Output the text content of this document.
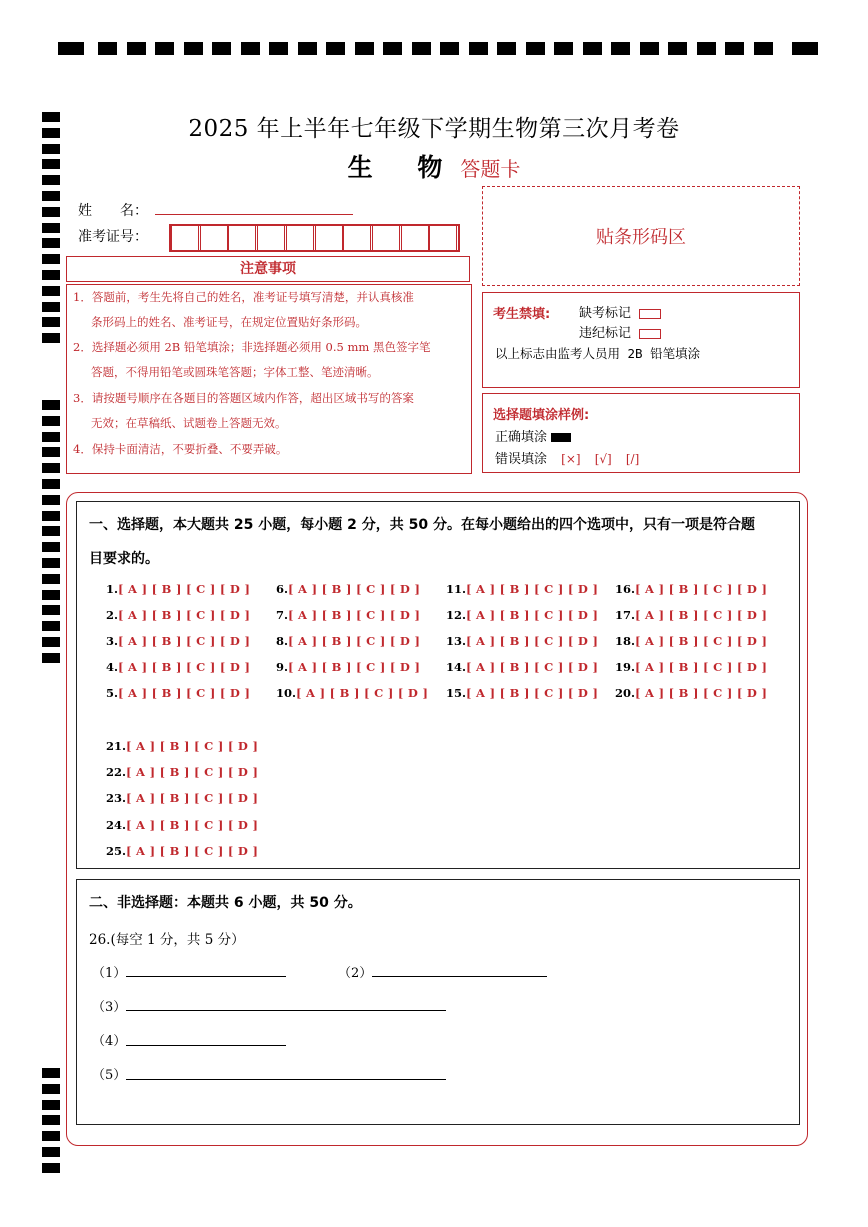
2025 年上半年七年级下学期生物第三次月考卷
生 物答题卡
姓　　名：
准考证号：	贴条形码区
注意事项
1．答题前，考生先将自己的姓名，准考证号填写清楚，并认真核准
条形码上的姓名、准考证号，在规定位置贴好条形码。
2．选择题必须用 2B 铅笔填涂；非选择题必须用 0.5 mm 黑色签字笔
答题，不得用铅笔或圆珠笔答题；字体工整、笔迹清晰。
3．请按题号顺序在各题目的答题区域内作答，超出区域书写的答案
无效；在草稿纸、试题卷上答题无效。
4．保持卡面清洁，不要折叠、不要弄破。
考生禁填: 缺考标记
违纪标记
以上标志由监考人员用 2B 铅笔填涂
选择题填涂样例:
正确填涂
错误填涂 [×] [√] [/]
一、选择题，本大题共 25 小题，每小题 2 分，共 50 分。在每小题给出的四个选项中，只有一项是符合题
目要求的。
1.[ A ] [ B ] [ C ] [ D ]
2.[ A ] [ B ] [ C ] [ D ]
3.[ A ] [ B ] [ C ] [ D ]
4.[ A ] [ B ] [ C ] [ D ]
5.[ A ] [ B ] [ C ] [ D ]
6.[ A ] [ B ] [ C ] [ D ]
7.[ A ] [ B ] [ C ] [ D ]
8.[ A ] [ B ] [ C ] [ D ]
9.[ A ] [ B ] [ C ] [ D ]
10.[ A ] [ B ] [ C ] [ D ]
11.[ A ] [ B ] [ C ] [ D ]
12.[ A ] [ B ] [ C ] [ D ]
13.[ A ] [ B ] [ C ] [ D ]
14.[ A ] [ B ] [ C ] [ D ]
15.[ A ] [ B ] [ C ] [ D ]
16.[ A ] [ B ] [ C ] [ D ]
17.[ A ] [ B ] [ C ] [ D ]
18.[ A ] [ B ] [ C ] [ D ]
19.[ A ] [ B ] [ C ] [ D ]
20.[ A ] [ B ] [ C ] [ D ]
21.[ A ] [ B ] [ C ] [ D ]
22.[ A ] [ B ] [ C ] [ D ]
23.[ A ] [ B ] [ C ] [ D ]
24.[ A ] [ B ] [ C ] [ D ]
25.[ A ] [ B ] [ C ] [ D ]
二、非选择题：本题共 6 小题，共 50 分。
26.(每空 1 分，共 5 分）
（1）	（2）
（3）
（4）
（5）
